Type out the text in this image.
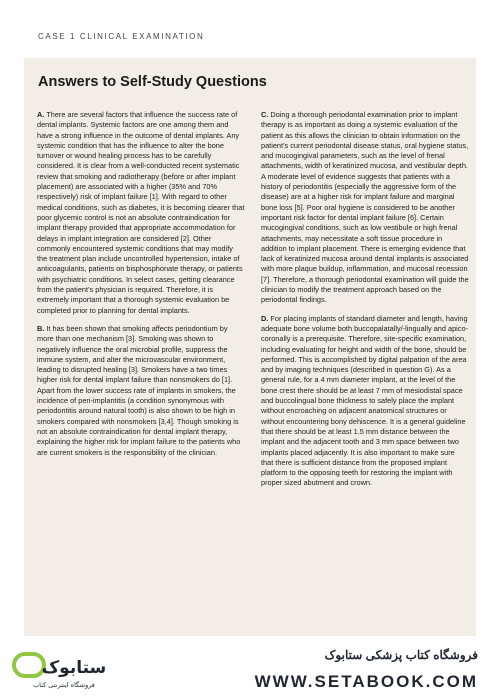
CASE 1 CLINICAL EXAMINATION
Answers to Self-Study Questions

A. There are several factors that influence the success rate of dental implants. Systemic factors are one among them and have a strong influence in the outcome of dental implants. Any systemic condition that has the influence to alter the bone turnover or wound healing process has to be carefully considered. It is clear from a well-conducted recent systematic review that smoking and radiotherapy (before or after implant placement) are associated with a higher (35% and 70% respectively) risk of implant failure [1]. With regard to other medical conditions, such as diabetes, it is becoming clearer that poor glycemic control is not an absolute contraindication for implant therapy provided that appropriate accommodation for delays in implant integration are considered [2]. Other commonly encountered systemic conditions that may modify the treatment plan include uncontrolled hypertension, intake of anticoagulants, patients on bisphosphonate therapy, or patients with psychiatric conditions. In select cases, getting clearance from the patient’s physician is required. Therefore, it is extremely important that a thorough systemic evaluation be completed prior to planning for dental implants.

B. It has been shown that smoking affects periodontium by more than one mechanism [3]. Smoking was shown to negatively influence the oral microbial profile, suppress the immune system, and alter the microvascular environment, leading to disrupted healing [3]. Smokers have a two times higher risk for dental implant failure than nonsmokers do [1]. Apart from the lower success rate of implants in smokers, the incidence of peri-implantitis (a condition synonymous with periodontitis around natural tooth) is also shown to be high in smokers compared with nonsmokers [3,4]. Though smoking is not an absolute contraindication for dental implant therapy, explaining the higher risk for implant failure to the patients who are current smokers is the responsibility of the clinician.

C. Doing a thorough periodontal examination prior to implant therapy is as important as doing a systemic evaluation of the patient as this allows the clinician to obtain information on the patient’s current periodontal disease status, oral hygiene status, and mucogingival parameters, such as the level of frenal attachments, width of keratinized mucosa, and vestibular depth. A moderate level of evidence suggests that patients with a history of periodontitis (especially the aggressive form of the disease) are at a higher risk for implant failure and marginal bone loss [5]. Poor oral hygiene is considered to be another important risk factor for dental implant failure [6]. Certain mucogingival conditions, such as low vestibule or high frenal attachments, may necessitate a soft tissue procedure in addition to implant placement. There is emerging evidence that lack of keratinized mucosa around dental implants is associated with more plaque buildup, inflammation, and mucosal recession [7]. Therefore, a thorough periodontal examination will guide the clinician to modify the treatment approach based on the periodontal findings.

D. For placing implants of standard diameter and length, having adequate bone volume both buccopalatally/-lingually and apico-coronally is a prerequisite. Therefore, site-specific examination, including evaluating for height and width of the bone, should be performed. This is accomplished by digital palpation of the area and by imaging techniques (described in question G). As a general rule, for a 4 mm diameter implant, at the level of the bone crest there should be at least 7 mm of mesiodistal space and buccolingual bone thickness to safely place the implant without encroaching on adjacent anatomical structures or without encountering bony dehiscence. It is a general guideline that there should be at least 1.5 mm distance between the implant and the adjacent tooth and 3 mm space between two implants placed adjacently. It is also important to make sure that there is sufficient distance from the proposed implant platform to the opposing teeth for restoring the implant with proper sized abutment and crown.

ستابوک
فروشگاه اینترنتی کتاب
فروشگاه کتاب پزشکی ستابوک
WWW.SETABOOK.COM
